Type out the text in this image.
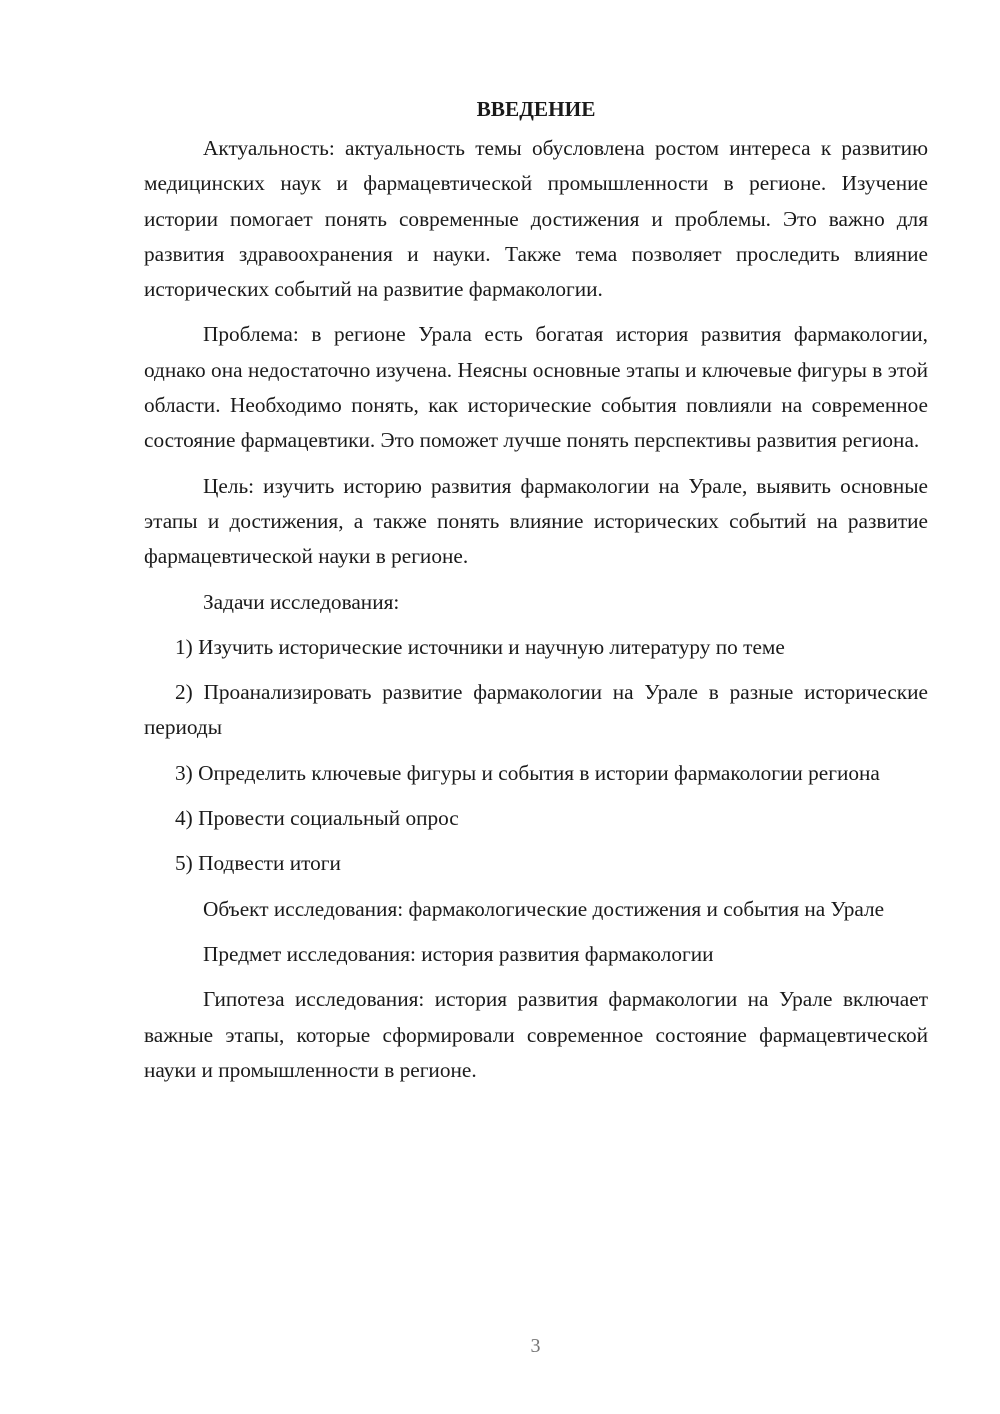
ВВЕДЕНИЕ

Актуальность: актуальность темы обусловлена ростом интереса к развитию медицинских наук и фармацевтической промышленности в регионе. Изучение истории помогает понять современные достижения и проблемы. Это важно для развития здравоохранения и науки. Также тема позволяет проследить влияние исторических событий на развитие фармакологии.

Проблема: в регионе Урала есть богатая история развития фармакологии, однако она недостаточно изучена. Неясны основные этапы и ключевые фигуры в этой области. Необходимо понять, как исторические события повлияли на современное состояние фармацевтики. Это поможет лучше понять перспективы развития региона.

Цель: изучить историю развития фармакологии на Урале, выявить основные этапы и достижения, а также понять влияние исторических событий на развитие фармацевтической науки в регионе.

Задачи исследования:

1) Изучить исторические источники и научную литературу по теме

2) Проанализировать развитие фармакологии на Урале в разные исторические периоды

3) Определить ключевые фигуры и события в истории фармакологии региона

4) Провести социальный опрос

5) Подвести итоги

Объект исследования: фармакологические достижения и события на Урале

Предмет исследования: история развития фармакологии

Гипотеза исследования: история развития фармакологии на Урале включает важные этапы, которые сформировали современное состояние фармацевтической науки и промышленности в регионе.

3
